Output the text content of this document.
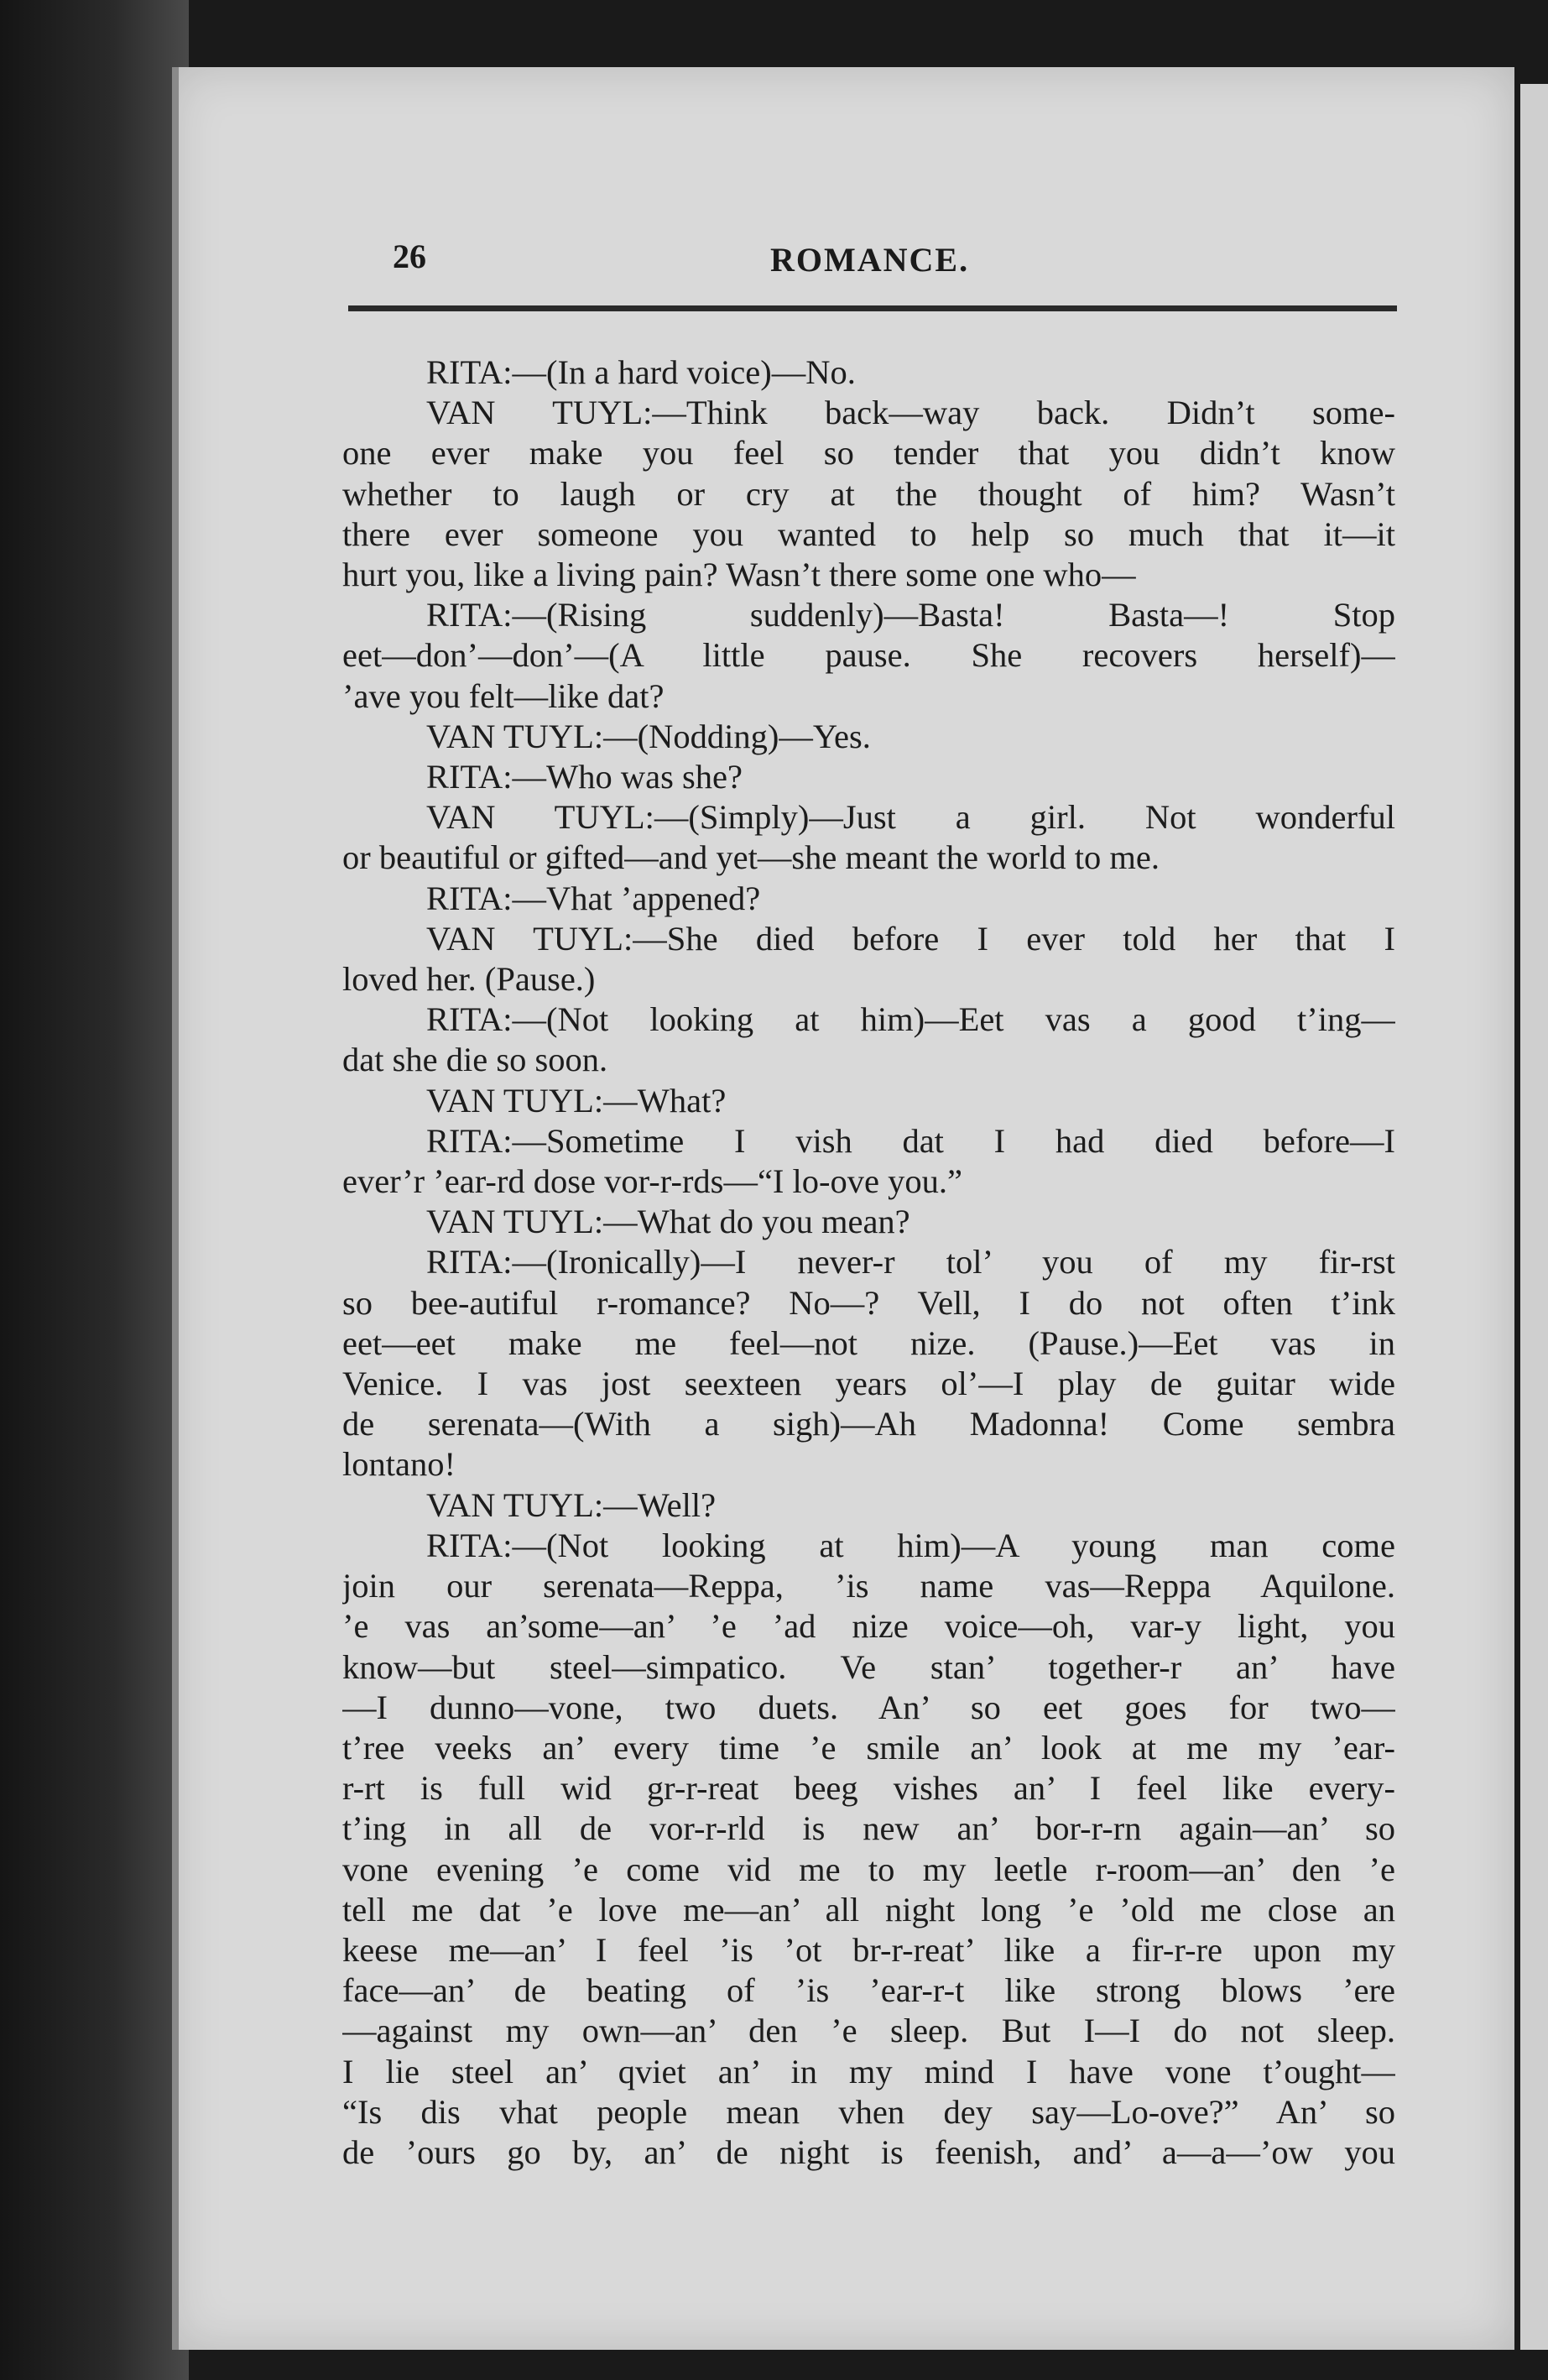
26	ROMANCE.
RITA:—(In a hard voice)—No.
VAN TUYL:—Think back—way back. Didn’t some-
one ever make you feel so tender that you didn’t know
whether to laugh or cry at the thought of him? Wasn’t
there ever someone you wanted to help so much that it—it
hurt you, like a living pain? Wasn’t there some one who—
RITA:—(Rising suddenly)—Basta! Basta—! Stop
eet—don’—don’—(A little pause. She recovers herself)—
’ave you felt—like dat?
VAN TUYL:—(Nodding)—Yes.
RITA:—Who was she?
VAN TUYL:—(Simply)—Just a girl. Not wonderful
or beautiful or gifted—and yet—she meant the world to me.
RITA:—Vhat ’appened?
VAN TUYL:—She died before I ever told her that I
loved her. (Pause.)
RITA:—(Not looking at him)—Eet vas a good t’ing—
dat she die so soon.
VAN TUYL:—What?
RITA:—Sometime I vish dat I had died before—I
ever’r ’ear-rd dose vor-r-rds—“I lo-ove you.”
VAN TUYL:—What do you mean?
RITA:—(Ironically)—I never-r tol’ you of my fir-rst
so bee-autiful r-romance? No—? Vell, I do not often t’ink
eet—eet make me feel—not nize. (Pause.)—Eet vas in
Venice. I vas jost seexteen years ol’—I play de guitar wide
de serenata—(With a sigh)—Ah Madonna! Come sembra
lontano!
VAN TUYL:—Well?
RITA:—(Not looking at him)—A young man come
join our serenata—Reppa, ’is name vas—Reppa Aquilone.
’e vas an’some—an’ ’e ’ad nize voice—oh, var-y light, you
know—but steel—simpatico. Ve stan’ together-r an’ have
—I dunno—vone, two duets. An’ so eet goes for two—
t’ree veeks an’ every time ’e smile an’ look at me my ’ear-
r-rt is full wid gr-r-reat beeg vishes an’ I feel like every-
t’ing in all de vor-r-rld is new an’ bor-r-rn again—an’ so
vone evening ’e come vid me to my leetle r-room—an’ den ’e
tell me dat ’e love me—an’ all night long ’e ’old me close an
keese me—an’ I feel ’is ’ot br-r-reat’ like a fir-r-re upon my
face—an’ de beating of ’is ’ear-r-t like strong blows ’ere
—against my own—an’ den ’e sleep. But I—I do not sleep.
I lie steel an’ qviet an’ in my mind I have vone t’ought—
“Is dis vhat people mean vhen dey say—Lo-ove?” An’ so
de ’ours go by, an’ de night is feenish, and’ a—a—’ow you
